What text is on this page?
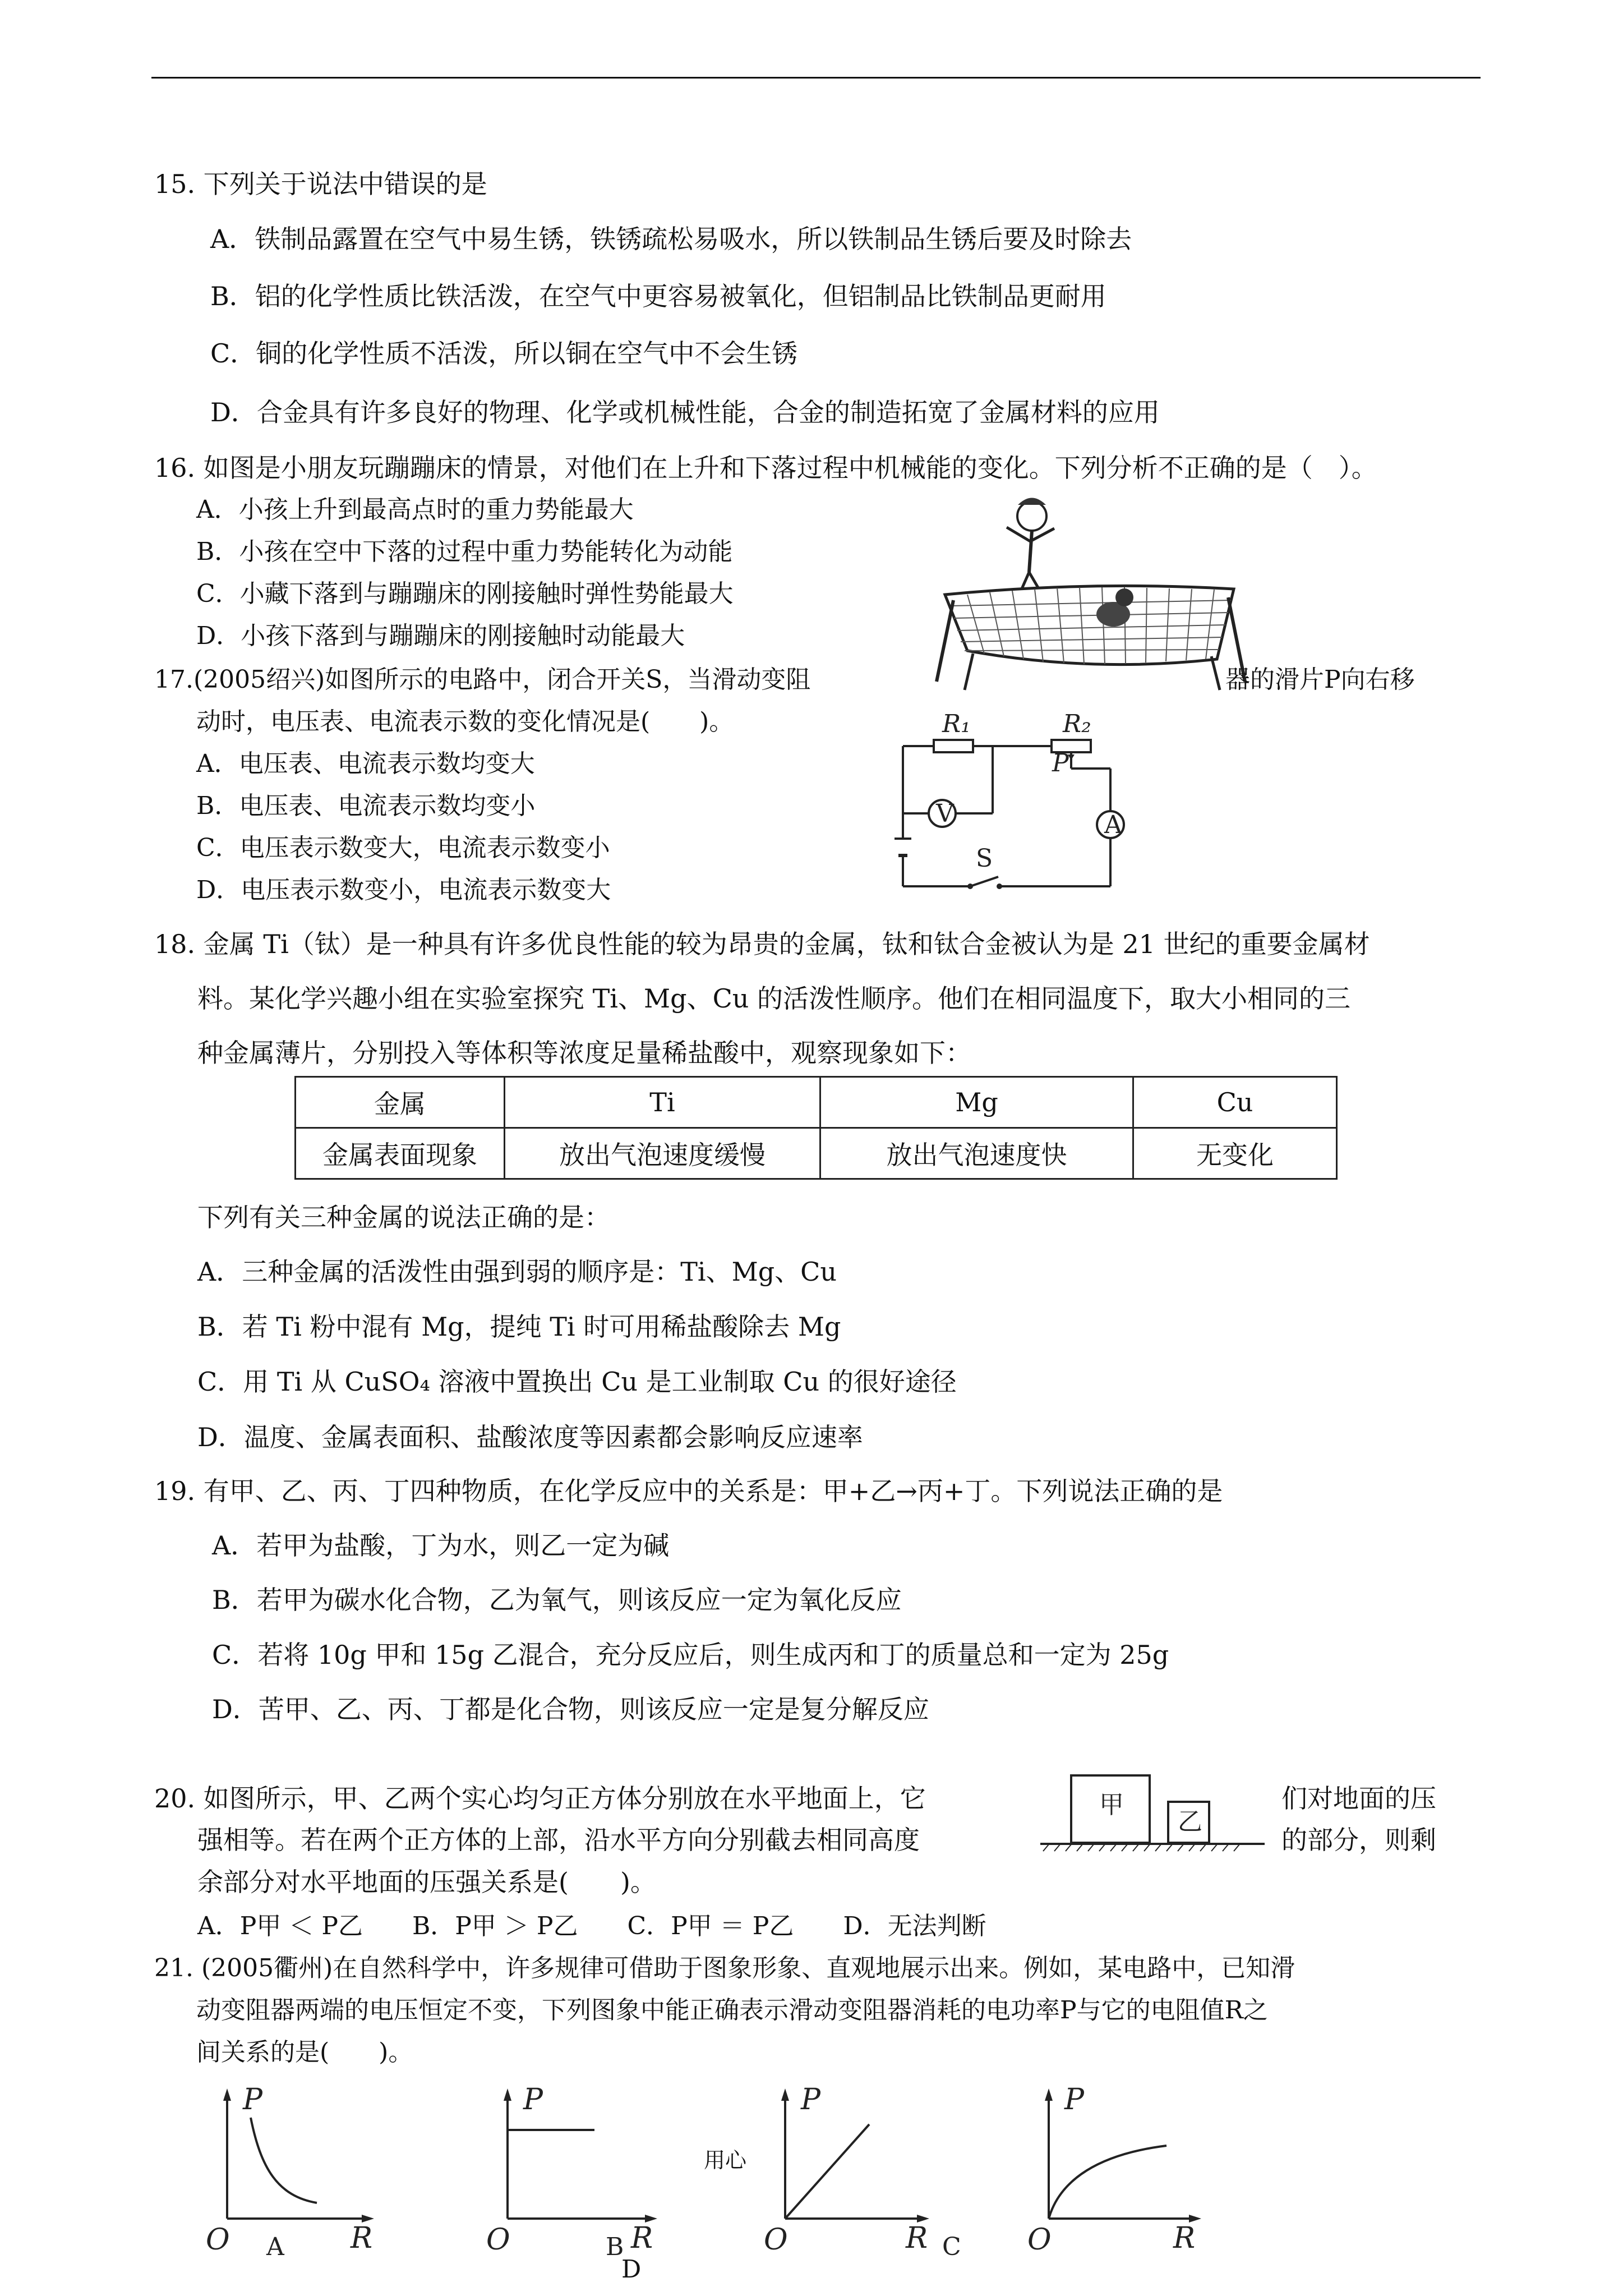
15. 下列关于说法中错误的是
A．铁制品露置在空气中易生锈，铁锈疏松易吸水，所以铁制品生锈后要及时除去
B．铝的化学性质比铁活泼，在空气中更容易被氧化，但铝制品比铁制品更耐用
C．铜的化学性质不活泼，所以铜在空气中不会生锈
D．合金具有许多良好的物理、化学或机械性能，合金的制造拓宽了金属材料的应用
16. 如图是小朋友玩蹦蹦床的情景，对他们在上升和下落过程中机械能的变化。下列分析不正确的是（　）。
A．小孩上升到最高点时的重力势能最大
B．小孩在空中下落的过程中重力势能转化为动能
C．小藏下落到与蹦蹦床的刚接触时弹性势能最大
D．小孩下落到与蹦蹦床的刚接触时动能最大
17.(2005绍兴)如图所示的电路中，闭合开关S，当滑动变阻	器的滑片P向右移
动时，电压表、电流表示数的变化情况是(　　)。
A．电压表、电流表示数均变大
B．电压表、电流表示数均变小
C．电压表示数变大，电流表示数变小
D．电压表示数变小，电流表示数变大
R₁	R₂
P
V	A
S
18. 金属 Ti（钛）是一种具有许多优良性能的较为昂贵的金属，钛和钛合金被认为是 21 世纪的重要金属材
料。某化学兴趣小组在实验室探究 Ti、Mg、Cu 的活泼性顺序。他们在相同温度下，取大小相同的三
种金属薄片，分别投入等体积等浓度足量稀盐酸中，观察现象如下：
金属	Ti	Mg	Cu
金属表面现象	放出气泡速度缓慢	放出气泡速度快	无变化
下列有关三种金属的说法正确的是：
A．三种金属的活泼性由强到弱的顺序是：Ti、Mg、Cu
B．若 Ti 粉中混有 Mg，提纯 Ti 时可用稀盐酸除去 Mg
C．用 Ti 从 CuSO₄ 溶液中置换出 Cu 是工业制取 Cu 的很好途径
D．温度、金属表面积、盐酸浓度等因素都会影响反应速率
19. 有甲、乙、丙、丁四种物质，在化学反应中的关系是：甲+乙→丙+丁。下列说法正确的是
A．若甲为盐酸，丁为水，则乙一定为碱
B．若甲为碳水化合物，乙为氧气，则该反应一定为氧化反应
C．若将 10g 甲和 15g 乙混合，充分反应后，则生成丙和丁的质量总和一定为 25g
D．苦甲、乙、丙、丁都是化合物，则该反应一定是复分解反应
20. 如图所示，甲、乙两个实心均匀正方体分别放在水平地面上，它	们对地面的压
强相等。若在两个正方体的上部，沿水平方向分别截去相同高度	的部分，则剩
余部分对水平地面的压强关系是(　　)。
A．P甲 ＜ P乙　　B．P甲 ＞ P乙　　C．P甲 ＝ P乙　　D．无法判断
甲
乙
21. (2005衢州)在自然科学中，许多规律可借助于图象形象、直观地展示出来。例如，某电路中，已知滑
动变阻器两端的电压恒定不变，下列图象中能正确表示滑动变阻器消耗的电功率P与它的电阻值R之
间关系的是(　　)。
P
R
O A
P
R
O	B
用心
P
R
O	C
P
R
O
D
